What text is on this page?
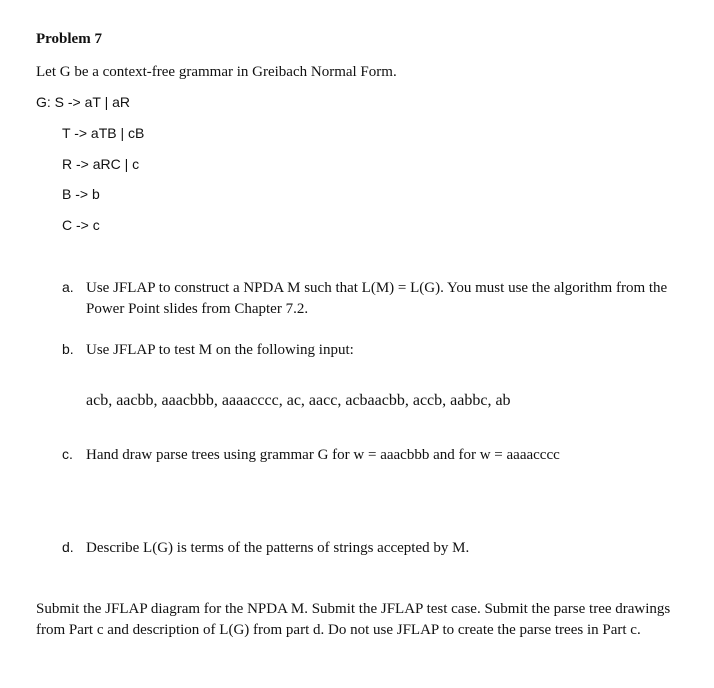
Problem 7
Let G be a context-free grammar in Greibach Normal Form.
G: S -> aT | aR
T -> aTB | cB
R -> aRC | c
B -> b
C -> c
a. Use JFLAP to construct a NPDA M such that L(M) = L(G). You must use the algorithm from the Power Point slides from Chapter 7.2.
b. Use JFLAP to test M on the following input:
acb, aacbb, aaacbbb, aaaacccc, ac, aacc, acbaacbb, accb, aabbc, ab
c. Hand draw parse trees using grammar G for w = aaacbbb and for w = aaaacccc
d. Describe L(G) is terms of the patterns of strings accepted by M.
Submit the JFLAP diagram for the NPDA M. Submit the JFLAP test case. Submit the parse tree drawings from Part c and description of L(G) from part d. Do not use JFLAP to create the parse trees in Part c.
